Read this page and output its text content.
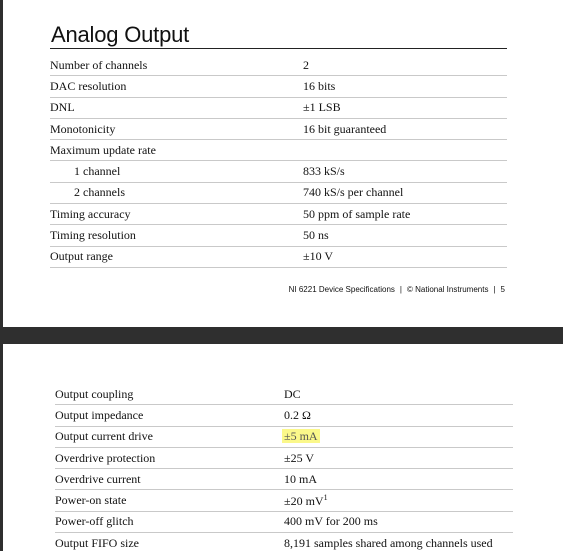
Analog Output
Number of channels	2
DAC resolution	16 bits
DNL	±1 LSB
Monotonicity	16 bit guaranteed
Maximum update rate	
1 channel	833 kS/s
2 channels	740 kS/s per channel
Timing accuracy	50 ppm of sample rate
Timing resolution	50 ns
Output range	±10 V
NI 6221 Device Specifications | © National Instruments | 5
Output coupling	DC
Output impedance	0.2 Ω
Output current drive	±5 mA
Overdrive protection	±25 V
Overdrive current	10 mA
Power-on state	±20 $mV^1$
Power-off glitch	400 mV for 200 ms
Output FIFO size	8,191 samples shared among channels used
